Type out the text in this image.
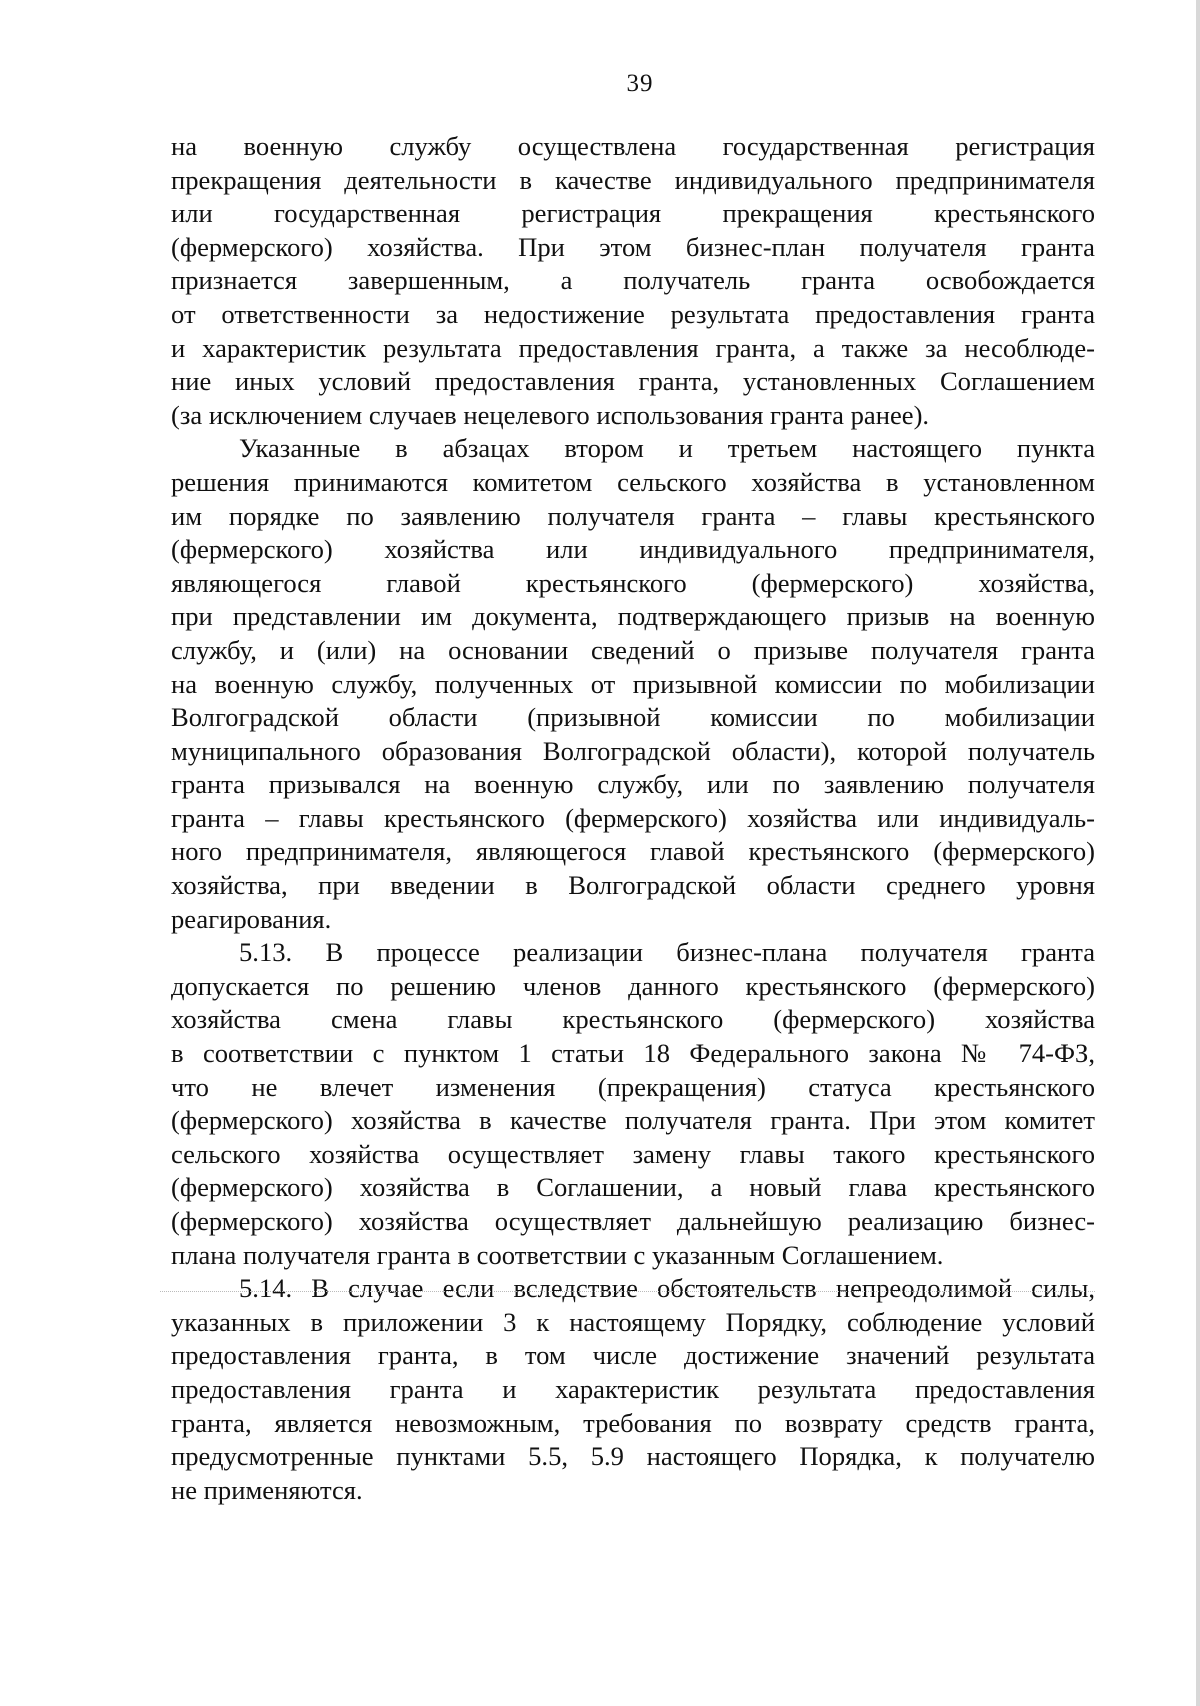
39

на военную службу осуществлена государственная регистрация
прекращения деятельности в качестве индивидуального предпринимателя
или государственная регистрация прекращения крестьянского
(фермерского) хозяйства. При этом бизнес-план получателя гранта
признается завершенным, а получатель гранта освобождается
от ответственности за недостижение результата предоставления гранта
и характеристик результата предоставления гранта, а также за несоблюде-
ние иных условий предоставления гранта, установленных Соглашением
(за исключением случаев нецелевого использования гранта ранее).

Указанные в абзацах втором и третьем настоящего пункта
решения принимаются комитетом сельского хозяйства в установленном
им порядке по заявлению получателя гранта – главы крестьянского
(фермерского) хозяйства или индивидуального предпринимателя,
являющегося главой крестьянского (фермерского) хозяйства,
при представлении им документа, подтверждающего призыв на военную
службу, и (или) на основании сведений о призыве получателя гранта
на военную службу, полученных от призывной комиссии по мобилизации
Волгоградской области (призывной комиссии по мобилизации
муниципального образования Волгоградской области), которой получатель
гранта призывался на военную службу, или по заявлению получателя
гранта – главы крестьянского (фермерского) хозяйства или индивидуаль-
ного предпринимателя, являющегося главой крестьянского (фермерского)
хозяйства, при введении в Волгоградской области среднего уровня
реагирования.

5.13. В процессе реализации бизнес-плана получателя гранта
допускается по решению членов данного крестьянского (фермерского)
хозяйства смена главы крестьянского (фермерского) хозяйства
в соответствии с пунктом 1 статьи 18 Федерального закона № 74-ФЗ,
что не влечет изменения (прекращения) статуса крестьянского
(фермерского) хозяйства в качестве получателя гранта. При этом комитет
сельского хозяйства осуществляет замену главы такого крестьянского
(фермерского) хозяйства в Соглашении, а новый глава крестьянского
(фермерского) хозяйства осуществляет дальнейшую реализацию бизнес-
плана получателя гранта в соответствии с указанным Соглашением.

5.14. В случае если вследствие обстоятельств непреодолимой силы,
указанных в приложении 3 к настоящему Порядку, соблюдение условий
предоставления гранта, в том числе достижение значений результата
предоставления гранта и характеристик результата предоставления
гранта, является невозможным, требования по возврату средств гранта,
предусмотренные пунктами 5.5, 5.9 настоящего Порядка, к получателю
не применяются.
